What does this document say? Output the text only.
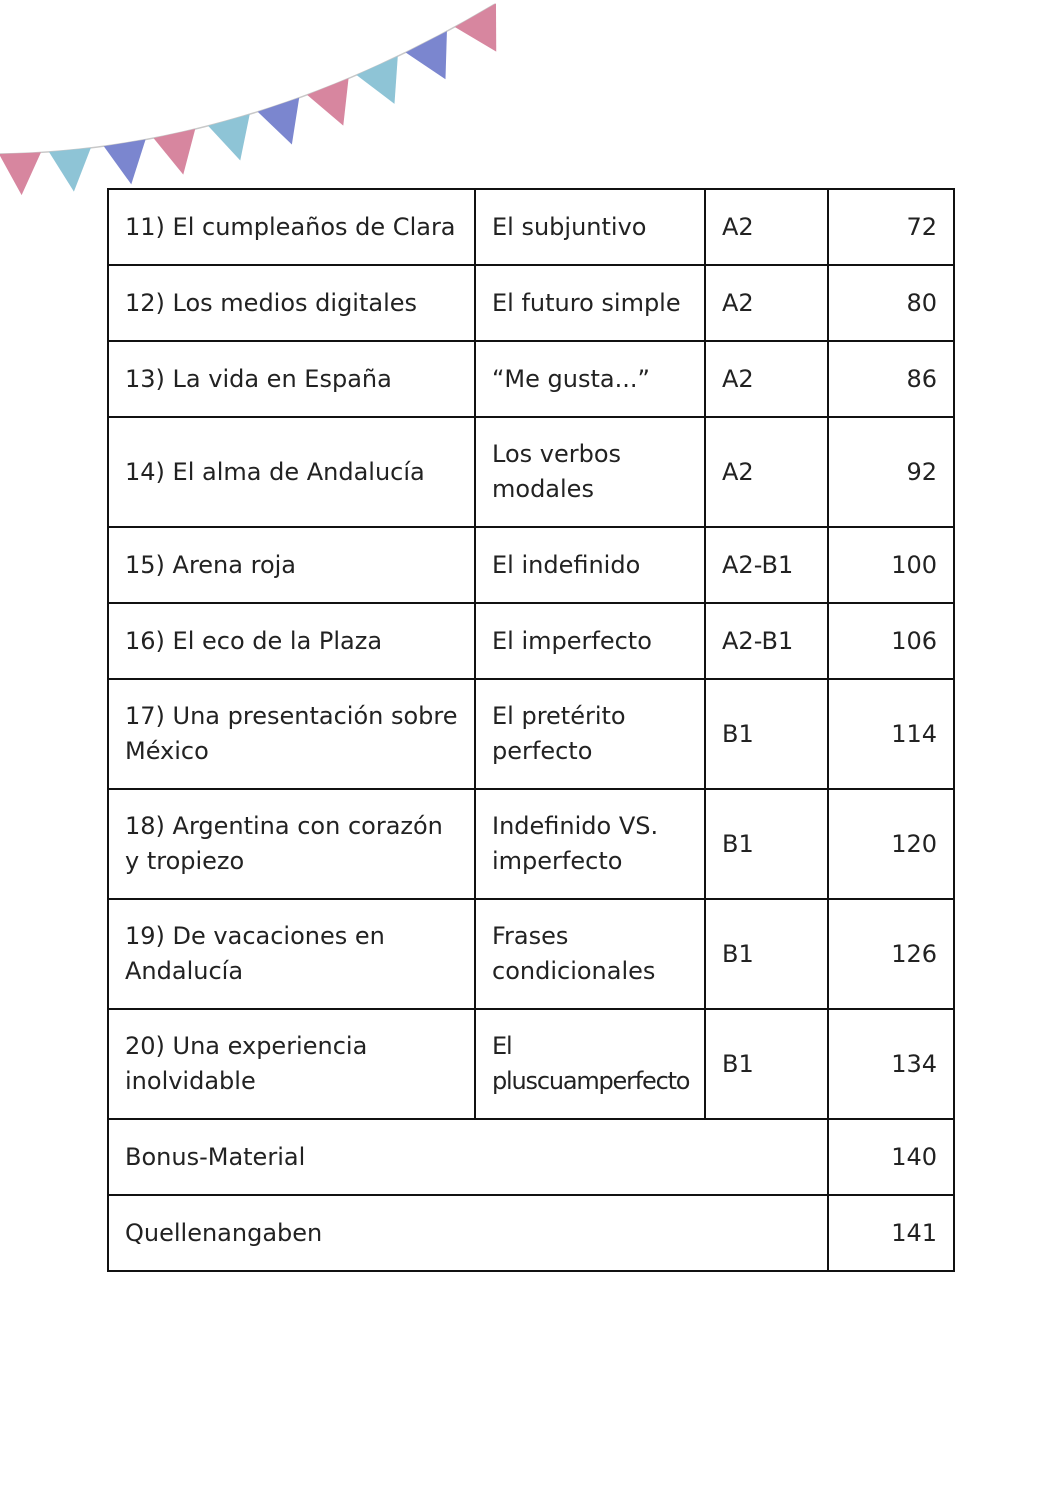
11) El cumpleaños de Clara	El subjuntivo	A2	72
12) Los medios digitales	El futuro simple	A2	80
13) La vida en España	“Me gusta...”	A2	86
14) El alma de Andalucía	Los verbos modales	A2	92
15) Arena roja	El indefinido	A2-B1	100
16) El eco de la Plaza	El imperfecto	A2-B1	106
17) Una presentación sobre México	El pretérito perfecto	B1	114
18) Argentina con corazón y tropiezo	Indefinido VS. imperfecto	B1	120
19) De vacaciones en Andalucía	Frases condicionales	B1	126
20) Una experiencia inolvidable	El pluscuamperfecto	B1	134
Bonus-Material			140
Quellenangaben			141
